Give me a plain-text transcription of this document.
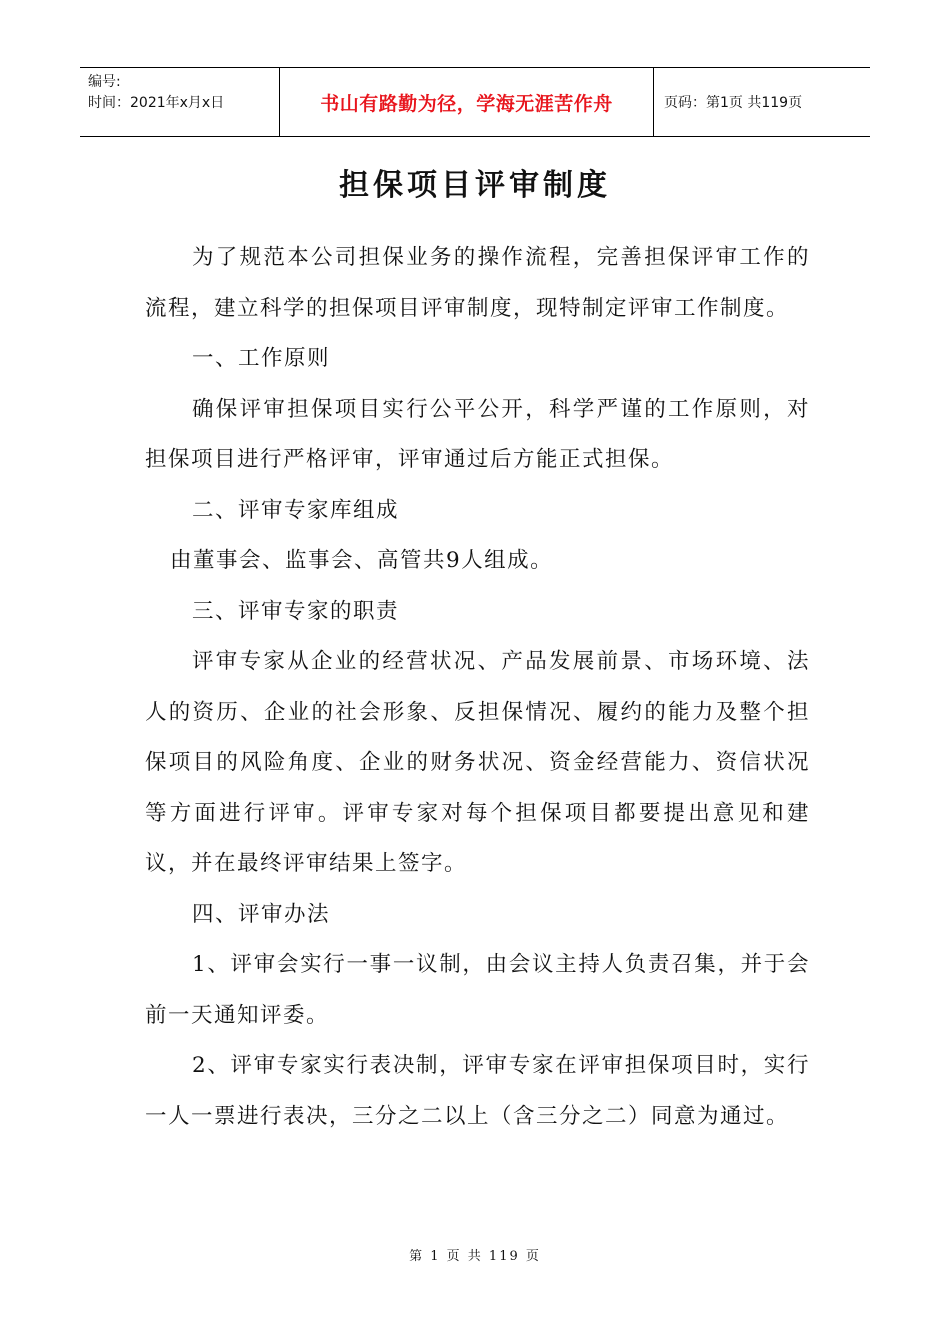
编号:
时间：2021年x月x日	书山有路勤为径，学海无涯苦作舟	页码：第1页 共119页
担保项目评审制度

为了规范本公司担保业务的操作流程，完善担保评审工作的流程，建立科学的担保项目评审制度，现特制定评审工作制度。

一、工作原则

确保评审担保项目实行公平公开，科学严谨的工作原则，对担保项目进行严格评审，评审通过后方能正式担保。

二、评审专家库组成

由董事会、监事会、高管共9人组成。

三、评审专家的职责

评审专家从企业的经营状况、产品发展前景、市场环境、法人的资历、企业的社会形象、反担保情况、履约的能力及整个担保项目的风险角度、企业的财务状况、资金经营能力、资信状况等方面进行评审。评审专家对每个担保项目都要提出意见和建议，并在最终评审结果上签字。

四、评审办法

1、评审会实行一事一议制，由会议主持人负责召集，并于会前一天通知评委。

2、评审专家实行表决制，评审专家在评审担保项目时，实行一人一票进行表决，三分之二以上（含三分之二）同意为通过。

第 1 页 共 119 页
